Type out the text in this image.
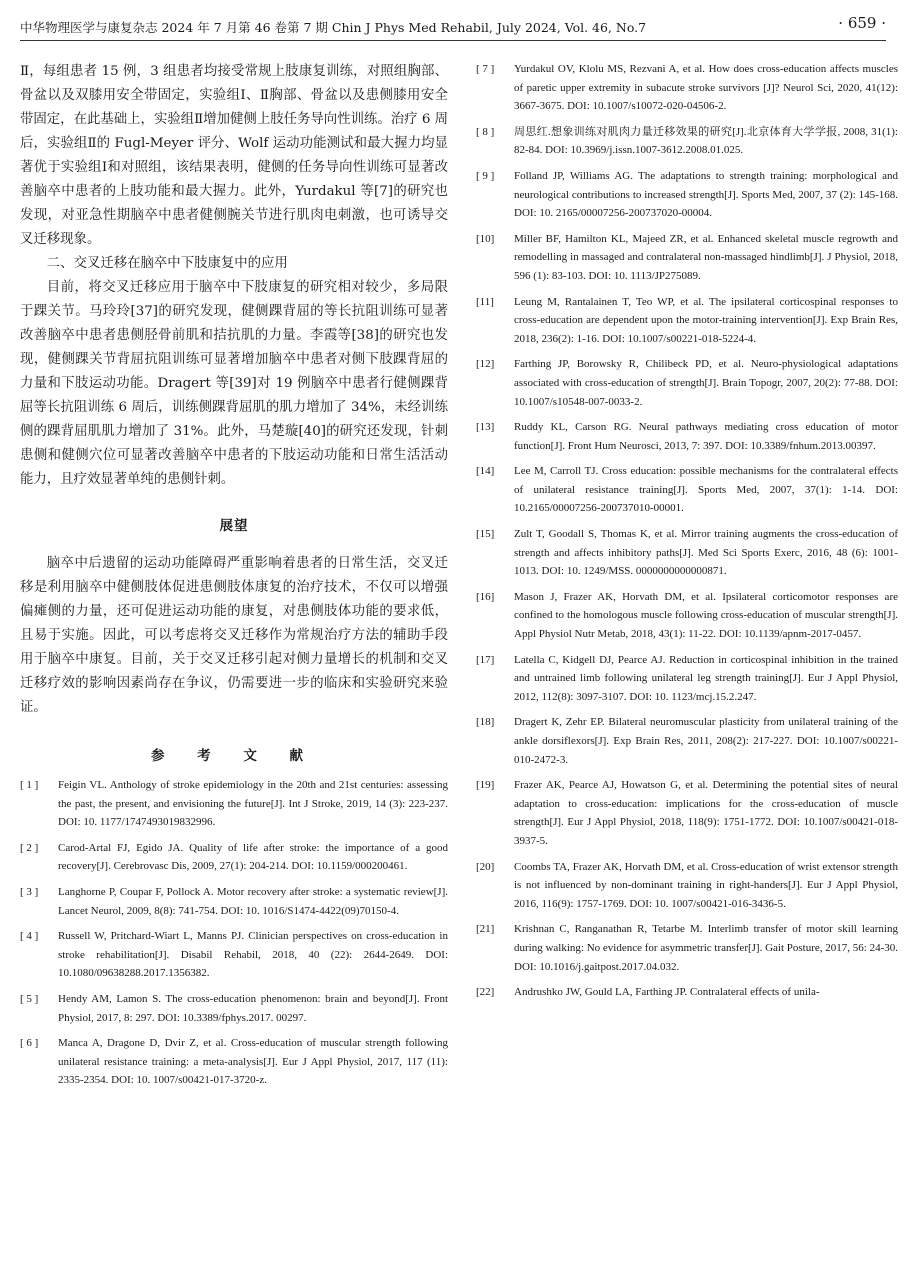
中华物理医学与康复杂志 2024 年 7 月第 46 卷第 7 期 Chin J Phys Med Rehabil, July 2024, Vol. 46, No.7	· 659 ·

Ⅱ，每组患者 15 例，3 组患者均接受常规上肢康复训练，对照组胸部、骨盆以及双膝用安全带固定，实验组Ⅰ、Ⅱ胸部、骨盆以及患侧膝用安全带固定，在此基础上，实验组Ⅱ增加健侧上肢任务导向性训练。治疗 6 周后，实验组Ⅱ的 Fugl-Meyer 评分、Wolf 运动功能测试和最大握力均显著优于实验组Ⅰ和对照组，该结果表明，健侧的任务导向性训练可显著改善脑卒中患者的上肢功能和最大握力。此外，Yurdakul 等[7]的研究也发现，对亚急性期脑卒中患者健侧腕关节进行肌肉电刺激，也可诱导交叉迁移现象。

二、交叉迁移在脑卒中下肢康复中的应用

目前，将交叉迁移应用于脑卒中下肢康复的研究相对较少，多局限于踝关节。马玲玲[37]的研究发现，健侧踝背屈的等长抗阻训练可显著改善脑卒中患者患侧胫骨前肌和拮抗肌的力量。李霞等[38]的研究也发现，健侧踝关节背屈抗阻训练可显著增加脑卒中患者对侧下肢踝背屈的力量和下肢运动功能。Dragert 等[39]对 19 例脑卒中患者行健侧踝背屈等长抗阻训练 6 周后，训练侧踝背屈肌的肌力增加了 34%，未经训练侧的踝背屈肌肌力增加了 31%。此外，马楚璇[40]的研究还发现，针刺患侧和健侧穴位可显著改善脑卒中患者的下肢运动功能和日常生活活动能力，且疗效显著单纯的患侧针刺。

展望

脑卒中后遗留的运动功能障碍严重影响着患者的日常生活，交叉迁移是利用脑卒中健侧肢体促进患侧肢体康复的治疗技术，不仅可以增强偏瘫侧的力量，还可促进运动功能的康复，对患侧肢体功能的要求低，且易于实施。因此，可以考虑将交叉迁移作为常规治疗方法的辅助手段用于脑卒中康复。目前，关于交叉迁移引起对侧力量增长的机制和交叉迁移疗效的影响因素尚存在争议，仍需要进一步的临床和实验研究来验证。

参 考 文 献
[ 1 ]	Feigin VL. Anthology of stroke epidemiology in the 20th and 21st centuries: assessing the past, the present, and envisioning the future[J]. Int J Stroke, 2019, 14 (3): 223-237. DOI: 10. 1177/1747493019832996.
[ 2 ]	Carod-Artal FJ, Egido JA. Quality of life after stroke: the importance of a good recovery[J]. Cerebrovasc Dis, 2009, 27(1): 204-214. DOI: 10.1159/000200461.
[ 3 ]	Langhorne P, Coupar F, Pollock A. Motor recovery after stroke: a systematic review[J]. Lancet Neurol, 2009, 8(8): 741-754. DOI: 10. 1016/S1474-4422(09)70150-4.
[ 4 ]	Russell W, Pritchard-Wiart L, Manns PJ. Clinician perspectives on cross-education in stroke rehabilitation[J]. Disabil Rehabil, 2018, 40 (22): 2644-2649. DOI: 10.1080/09638288.2017.1356382.
[ 5 ]	Hendy AM, Lamon S. The cross-education phenomenon: brain and beyond[J]. Front Physiol, 2017, 8: 297. DOI: 10.3389/fphys.2017. 00297.
[ 6 ]	Manca A, Dragone D, Dvir Z, et al. Cross-education of muscular strength following unilateral resistance training: a meta-analysis[J]. Eur J Appl Physiol, 2017, 117 (11): 2335-2354. DOI: 10. 1007/s00421-017-3720-z.
[ 7 ]	Yurdakul OV, Klolu MS, Rezvani A, et al. How does cross-education affects muscles of paretic upper extremity in subacute stroke survivors [J]? Neurol Sci, 2020, 41(12): 3667-3675. DOI: 10.1007/s10072-020-04506-2.
[ 8 ]	周思红.想象训练对肌肉力量迁移效果的研究[J].北京体育大学学报, 2008, 31(1): 82-84. DOI: 10.3969/j.issn.1007-3612.2008.01.025.
[ 9 ]	Folland JP, Williams AG. The adaptations to strength training: morphological and neurological contributions to increased strength[J]. Sports Med, 2007, 37 (2): 145-168. DOI: 10. 2165/00007256-200737020-00004.
[10]	Miller BF, Hamilton KL, Majeed ZR, et al. Enhanced skeletal muscle regrowth and remodelling in massaged and contralateral non-massaged hindlimb[J]. J Physiol, 2018, 596 (1): 83-103. DOI: 10. 1113/JP275089.
[11]	Leung M, Rantalainen T, Teo WP, et al. The ipsilateral corticospinal responses to cross-education are dependent upon the motor-training intervention[J]. Exp Brain Res, 2018, 236(2): 1-16. DOI: 10.1007/s00221-018-5224-4.
[12]	Farthing JP, Borowsky R, Chilibeck PD, et al. Neuro-physiological adaptations associated with cross-education of strength[J]. Brain Topogr, 2007, 20(2): 77-88. DOI: 10.1007/s10548-007-0033-2.
[13]	Ruddy KL, Carson RG. Neural pathways mediating cross education of motor function[J]. Front Hum Neurosci, 2013, 7: 397. DOI: 10.3389/fnhum.2013.00397.
[14]	Lee M, Carroll TJ. Cross education: possible mechanisms for the contralateral effects of unilateral resistance training[J]. Sports Med, 2007, 37(1): 1-14. DOI: 10.2165/00007256-200737010-00001.
[15]	Zult T, Goodall S, Thomas K, et al. Mirror training augments the cross-education of strength and affects inhibitory paths[J]. Med Sci Sports Exerc, 2016, 48 (6): 1001-1013. DOI: 10. 1249/MSS. 0000000000000871.
[16]	Mason J, Frazer AK, Horvath DM, et al. Ipsilateral corticomotor responses are confined to the homologous muscle following cross-education of muscular strength[J]. Appl Physiol Nutr Metab, 2018, 43(1): 11-22. DOI: 10.1139/apnm-2017-0457.
[17]	Latella C, Kidgell DJ, Pearce AJ. Reduction in corticospinal inhibition in the trained and untrained limb following unilateral leg strength training[J]. Eur J Appl Physiol, 2012, 112(8): 3097-3107. DOI: 10. 1123/mcj.15.2.247.
[18]	Dragert K, Zehr EP. Bilateral neuromuscular plasticity from unilateral training of the ankle dorsiflexors[J]. Exp Brain Res, 2011, 208(2): 217-227. DOI: 10.1007/s00221-010-2472-3.
[19]	Frazer AK, Pearce AJ, Howatson G, et al. Determining the potential sites of neural adaptation to cross-education: implications for the cross-education of muscle strength[J]. Eur J Appl Physiol, 2018, 118(9): 1751-1772. DOI: 10.1007/s00421-018-3937-5.
[20]	Coombs TA, Frazer AK, Horvath DM, et al. Cross-education of wrist extensor strength is not influenced by non-dominant training in right-handers[J]. Eur J Appl Physiol, 2016, 116(9): 1757-1769. DOI: 10. 1007/s00421-016-3436-5.
[21]	Krishnan C, Ranganathan R, Tetarbe M. Interlimb transfer of motor skill learning during walking: No evidence for asymmetric transfer[J]. Gait Posture, 2017, 56: 24-30. DOI: 10.1016/j.gaitpost.2017.04.032.
[22]	Andrushko JW, Gould LA, Farthing JP. Contralateral effects of unila-
